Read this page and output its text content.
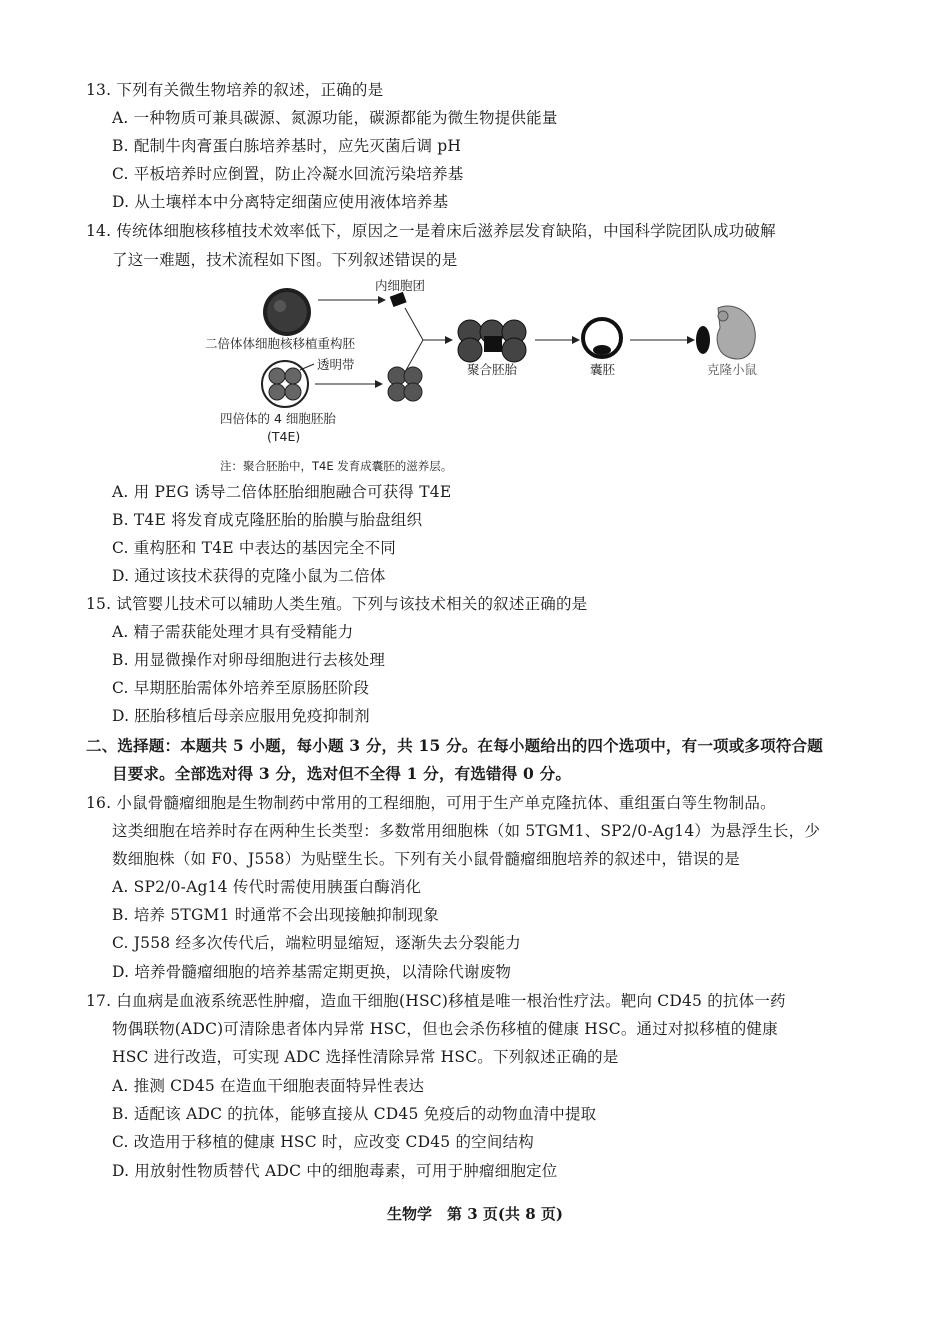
13. 下列有关微生物培养的叙述，正确的是
A. 一种物质可兼具碳源、氮源功能，碳源都能为微生物提供能量
B. 配制牛肉膏蛋白胨培养基时，应先灭菌后调 pH
C. 平板培养时应倒置，防止冷凝水回流污染培养基
D. 从土壤样本中分离特定细菌应使用液体培养基
14. 传统体细胞核移植技术效率低下，原因之一是着床后滋养层发育缺陷，中国科学院团队成功破解
了这一难题，技术流程如下图。下列叙述错误的是
二倍体体细胞核移植重构胚
内细胞团
透明带
四倍体的 4 细胞胚胎
(T4E)
聚合胚胎	囊胚	克隆小鼠
注：聚合胚胎中，T4E 发育成囊胚的滋养层。
A. 用 PEG 诱导二倍体胚胎细胞融合可获得 T4E
B. T4E 将发育成克隆胚胎的胎膜与胎盘组织
C. 重构胚和 T4E 中表达的基因完全不同
D. 通过该技术获得的克隆小鼠为二倍体
15. 试管婴儿技术可以辅助人类生殖。下列与该技术相关的叙述正确的是
A. 精子需获能处理才具有受精能力
B. 用显微操作对卵母细胞进行去核处理
C. 早期胚胎需体外培养至原肠胚阶段
D. 胚胎移植后母亲应服用免疫抑制剂
二、选择题：本题共 5 小题，每小题 3 分，共 15 分。在每小题给出的四个选项中，有一项或多项符合题
目要求。全部选对得 3 分，选对但不全得 1 分，有选错得 0 分。
16. 小鼠骨髓瘤细胞是生物制药中常用的工程细胞，可用于生产单克隆抗体、重组蛋白等生物制品。
这类细胞在培养时存在两种生长类型：多数常用细胞株（如 5TGM1、SP2/0-Ag14）为悬浮生长，少
数细胞株（如 F0、J558）为贴壁生长。下列有关小鼠骨髓瘤细胞培养的叙述中，错误的是
A. SP2/0-Ag14 传代时需使用胰蛋白酶消化
B. 培养 5TGM1 时通常不会出现接触抑制现象
C. J558 经多次传代后，端粒明显缩短，逐渐失去分裂能力
D. 培养骨髓瘤细胞的培养基需定期更换，以清除代谢废物
17. 白血病是血液系统恶性肿瘤，造血干细胞(HSC)移植是唯一根治性疗法。靶向 CD45 的抗体一药
物偶联物(ADC)可清除患者体内异常 HSC，但也会杀伤移植的健康 HSC。通过对拟移植的健康
HSC 进行改造，可实现 ADC 选择性清除异常 HSC。下列叙述正确的是
A. 推测 CD45 在造血干细胞表面特异性表达
B. 适配该 ADC 的抗体，能够直接从 CD45 免疫后的动物血清中提取
C. 改造用于移植的健康 HSC 时，应改变 CD45 的空间结构
D. 用放射性物质替代 ADC 中的细胞毒素，可用于肿瘤细胞定位
生物学　第 3 页(共 8 页)
